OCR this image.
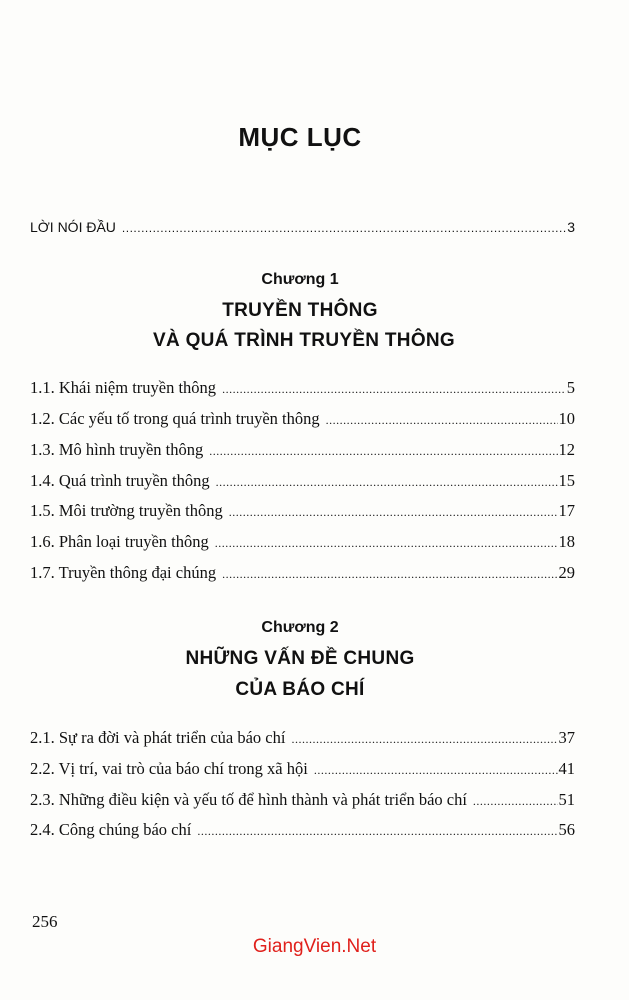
MỤC LỤC
LỜI NÓI ĐẦU .....	3
Chương 1
TRUYỀN THÔNG
VÀ QUÁ TRÌNH TRUYỀN THÔNG
1.1. Khái niệm truyền thông .....	5
1.2. Các yếu tố trong quá trình truyền thông .....	10
1.3. Mô hình truyền thông .....	12
1.4. Quá trình truyền thông .....	15
1.5. Môi trường truyền thông .....	17
1.6. Phân loại truyền thông .....	18
1.7. Truyền thông đại chúng .....	29
Chương 2
NHỮNG VẤN ĐỀ CHUNG
CỦA BÁO CHÍ
2.1. Sự ra đời và phát triển của báo chí .....	37
2.2. Vị trí, vai trò của báo chí trong xã hội .....	41
2.3. Những điều kiện và yếu tố để hình thành và phát triển báo chí .....	51
2.4. Công chúng báo chí .....	56
256
GiangVien.Net
